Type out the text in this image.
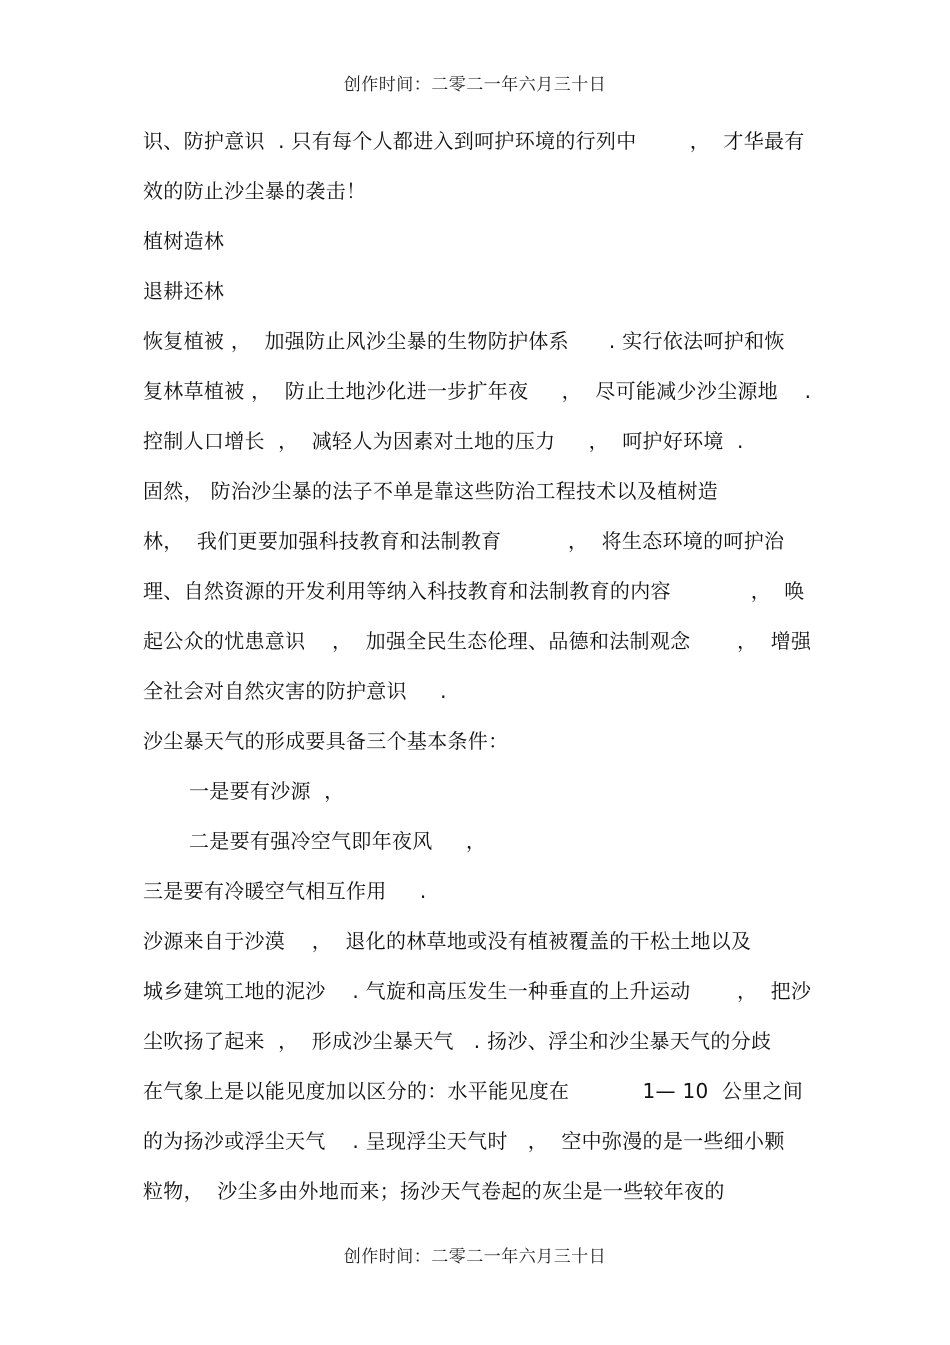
创作时间：二零二一年六月三十日
识、防护意识  . 只有每个人都进入到呵护环境的行列中        ，  才华最有
效的防止沙尘暴的袭击！
植树造林
退耕还林
恢复植被 ，  加强防止风沙尘暴的生物防护体系      . 实行依法呵护和恢
复林草植被 ，  防止土地沙化进一步扩年夜     ，  尽可能减少沙尘源地    .
控制人口增长  ，  减轻人为因素对土地的压力     ，  呵护好环境  .
固然， 防治沙尘暴的法子不单是靠这些防治工程技术以及植树造
林，  我们更要加强科技教育和法制教育          ，  将生态环境的呵护治
理、自然资源的开发利用等纳入科技教育和法制教育的内容            ，  唤
起公众的忧患意识    ，  加强全民生态伦理、品德和法制观念       ，  增强
全社会对自然灾害的防护意识     .
沙尘暴天气的形成要具备三个基本条件：
一是要有沙源  ，
二是要有强冷空气即年夜风     ，
三是要有冷暖空气相互作用     .
沙源来自于沙漠    ，  退化的林草地或没有植被覆盖的干松土地以及
城乡建筑工地的泥沙    . 气旋和高压发生一种垂直的上升运动       ，  把沙
尘吹扬了起来  ，  形成沙尘暴天气   . 扬沙、浮尘和沙尘暴天气的分歧
在气象上是以能见度加以区分的：水平能见度在           1— 10  公里之间
的为扬沙或浮尘天气    . 呈现浮尘天气时   ，  空中弥漫的是一些细小颗
粒物，  沙尘多由外地而来；扬沙天气卷起的灰尘是一些较年夜的
创作时间：二零二一年六月三十日
